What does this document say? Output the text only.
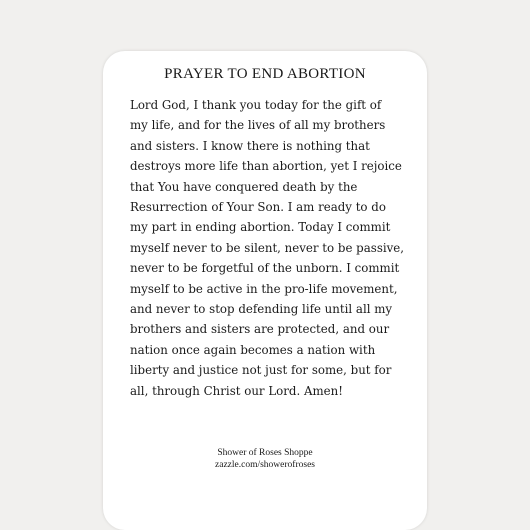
PRAYER TO END ABORTION

Lord God, I thank you today for the gift of
my life, and for the lives of all my brothers
and sisters. I know there is nothing that
destroys more life than abortion, yet I rejoice
that You have conquered death by the
Resurrection of Your Son. I am ready to do
my part in ending abortion. Today I commit
myself never to be silent, never to be passive,
never to be forgetful of the unborn. I commit
myself to be active in the pro-life movement,
and never to stop defending life until all my
brothers and sisters are protected, and our
nation once again becomes a nation with
liberty and justice not just for some, but for
all, through Christ our Lord. Amen!

Shower of Roses Shoppe
zazzle.com/showerofroses
